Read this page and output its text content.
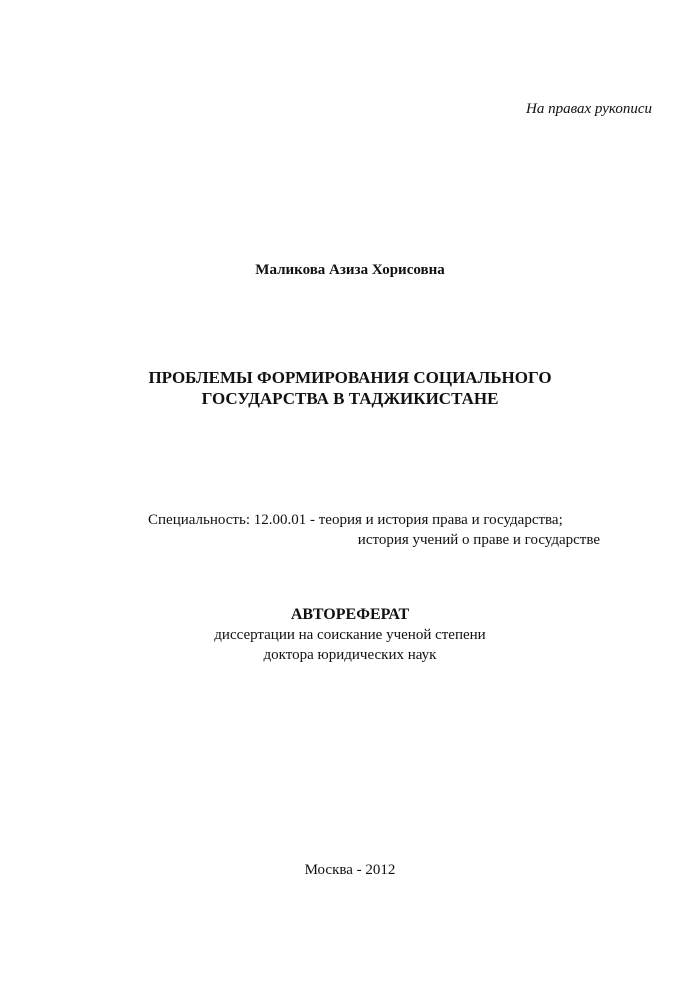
На правах рукописи
Маликова Азиза Хорисовна
ПРОБЛЕМЫ ФОРМИРОВАНИЯ СОЦИАЛЬНОГО
ГОСУДАРСТВА В ТАДЖИКИСТАНЕ
Специальность: 12.00.01 - теория и история права и государства;
история учений о праве и государстве
АВТОРЕФЕРАТ
диссертации на соискание ученой степени
доктора юридических наук
Москва - 2012
